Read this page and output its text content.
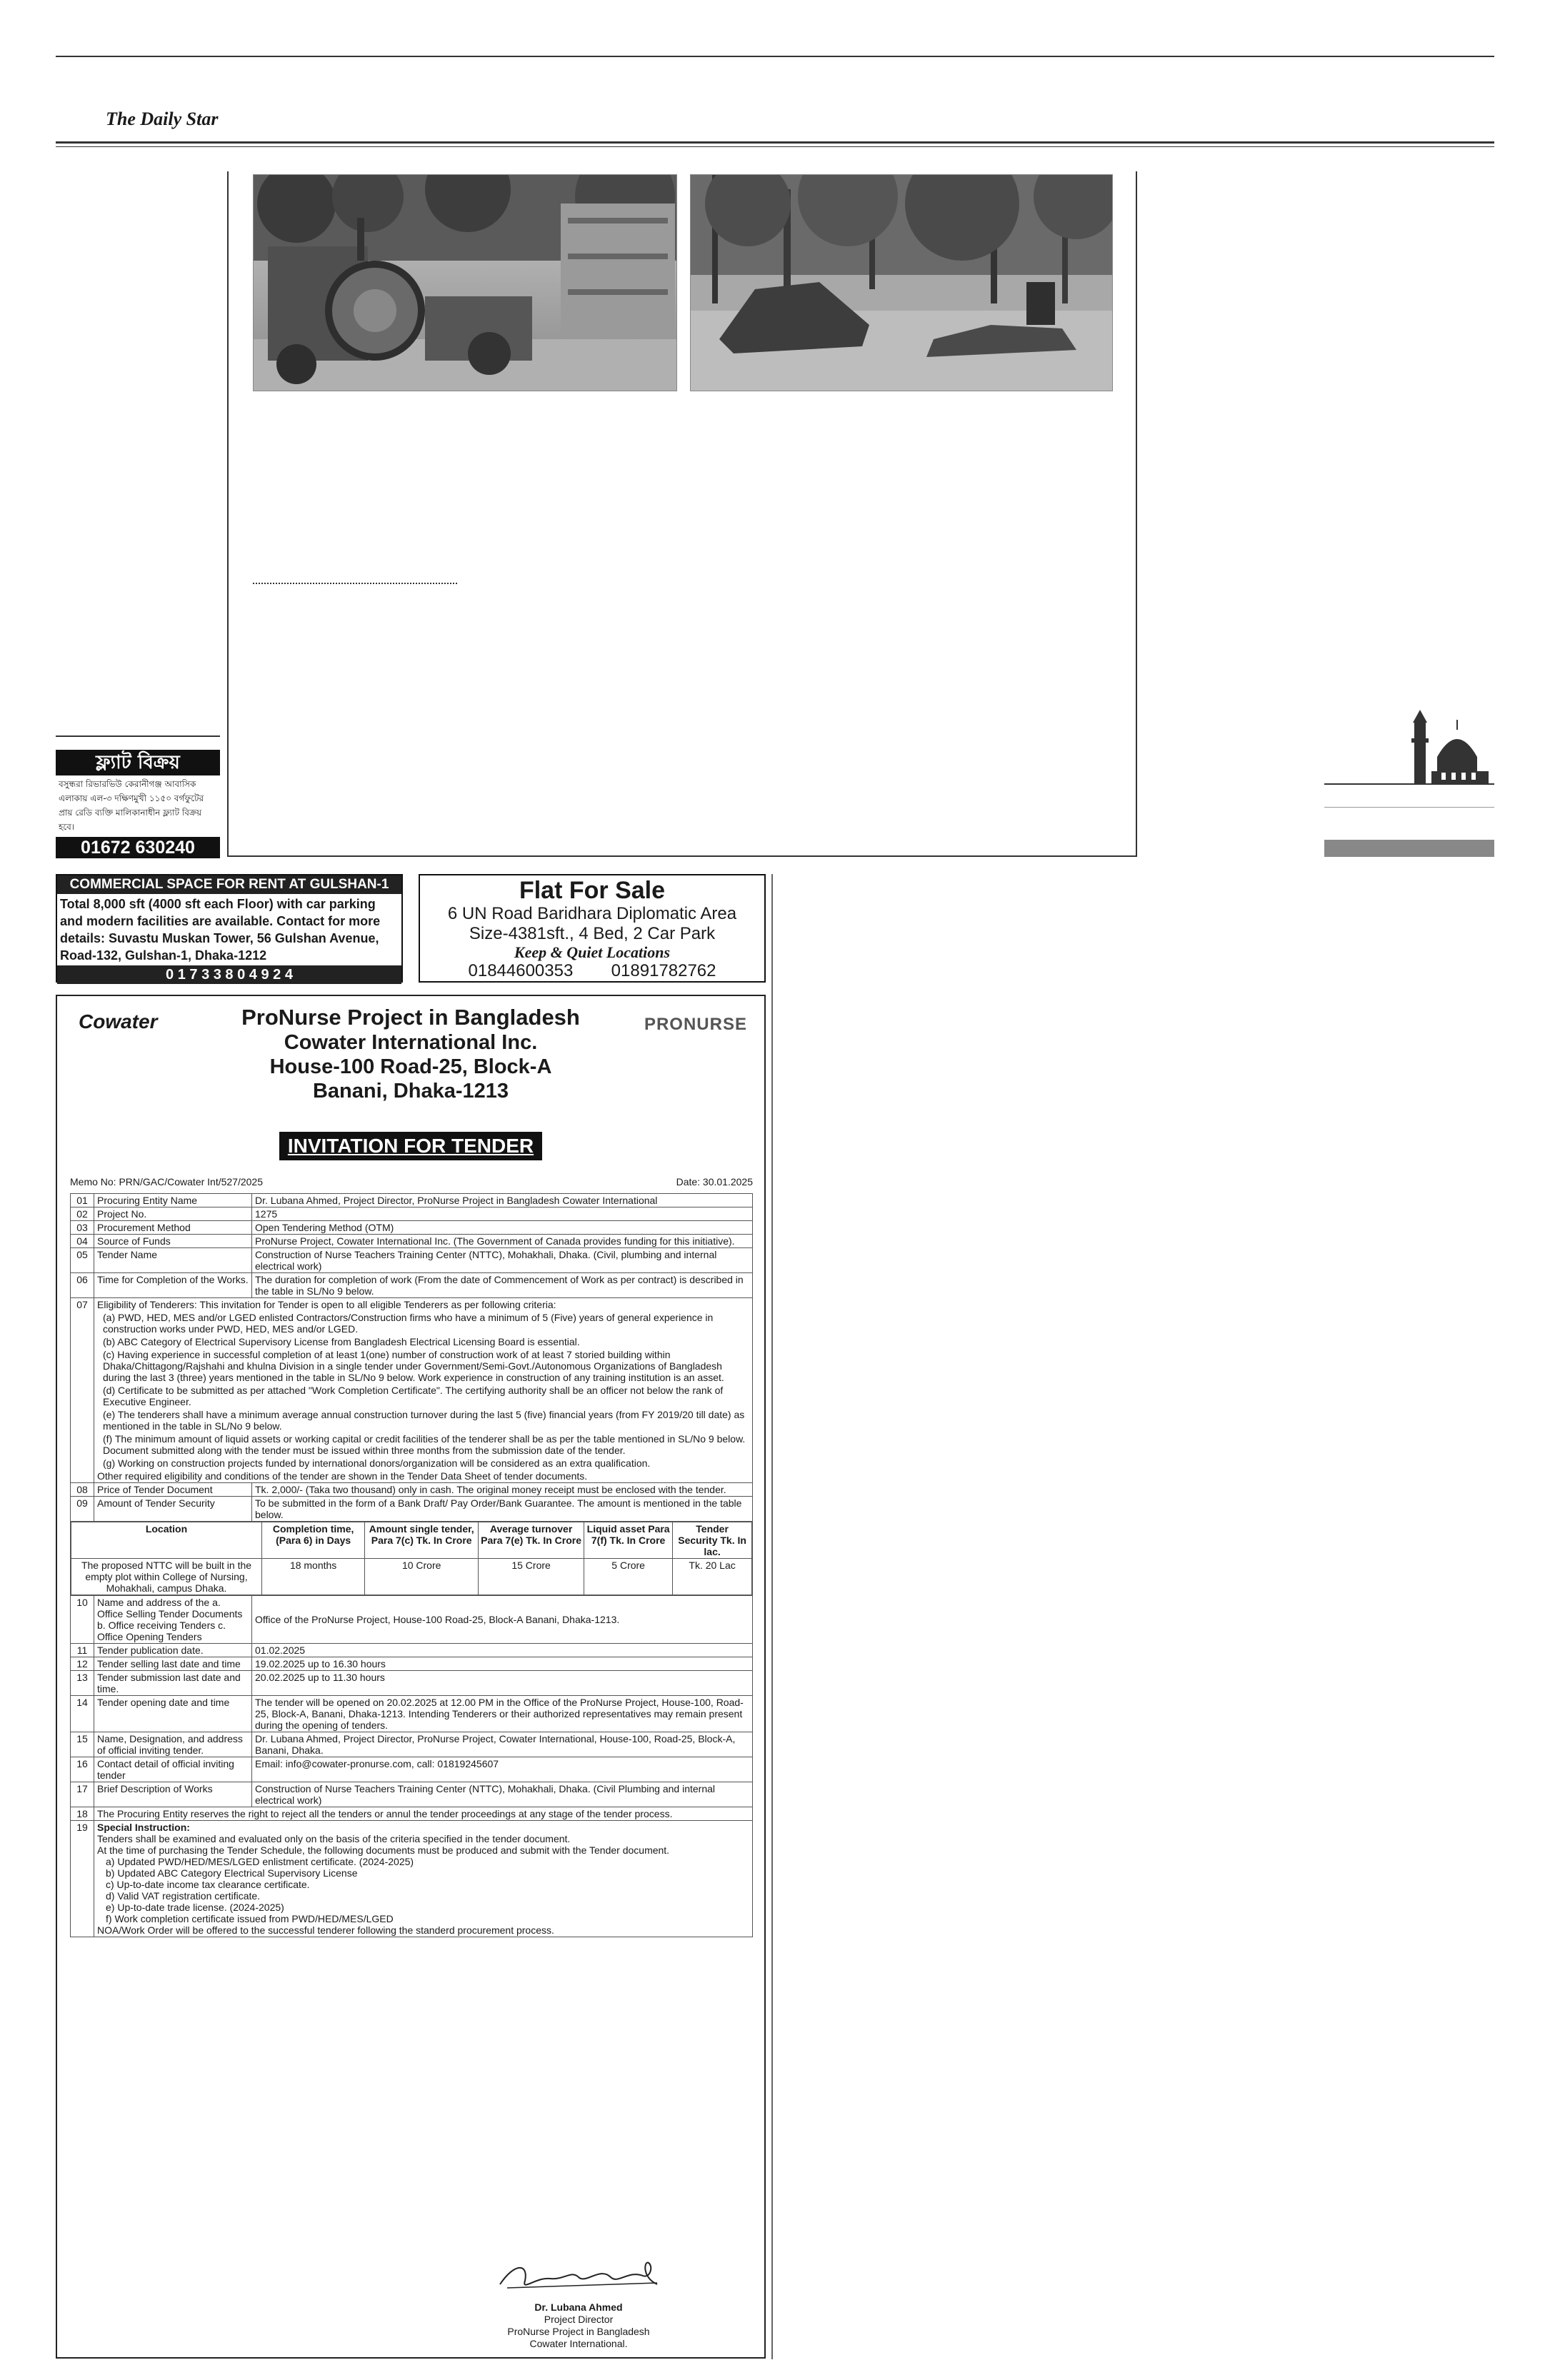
The Daily Star
ফ্ল্যাট বিক্রয়
বসুন্ধরা রিভারভিউ কেরানীগঞ্জ আবাসিক এলাকায় এল-৩ দক্ষিণমুখী ১১৫০ বর্গফুটের প্রায় রেডি ব্যক্তি মালিকানাধীন ফ্ল্যাট বিক্রয় হবে।
01672 630240
COMMERCIAL SPACE FOR RENT AT GULSHAN-1
Total 8,000 sft (4000 sft each Floor) with car parking and modern facilities are available. Contact for more details: Suvastu Muskan Tower, 56 Gulshan Avenue, Road-132, Gulshan-1, Dhaka-1212
0 1 7 3 3 8 0 4 9 2 4
Flat For Sale
6 UN Road Baridhara Diplomatic Area
Size-4381sft., 4 Bed, 2 Car Park
Keep & Quiet Locations
01844600353 01891782762
Cowater	PRONURSE
ProNurse Project in Bangladesh
Cowater International Inc.
House-100 Road-25, Block-A
Banani, Dhaka-1213
INVITATION FOR TENDER
Memo No: PRN/GAC/Cowater Int/527/2025	Date: 30.01.2025
01	Procuring Entity Name	Dr. Lubana Ahmed, Project Director, ProNurse Project in Bangladesh Cowater International
02	Project No.	1275
03	Procurement Method	Open Tendering Method (OTM)
04	Source of Funds	ProNurse Project, Cowater International Inc. (The Government of Canada provides funding for this initiative).
05	Tender Name	Construction of Nurse Teachers Training Center (NTTC), Mohakhali, Dhaka. (Civil, plumbing and internal electrical work)
06	Time for Completion of the Works.	The duration for completion of work (From the date of Commencement of Work as per contract) is described in the table in SL/No 9 below.
07	Eligibility of Tenderers: This invitation for Tender is open to all eligible Tenderers as per following criteria:
(a) PWD, HED, MES and/or LGED enlisted Contractors/Construction firms who have a minimum of 5 (Five) years of general experience in construction works under PWD, HED, MES and/or LGED.
(b) ABC Category of Electrical Supervisory License from Bangladesh Electrical Licensing Board is essential.
(c) Having experience in successful completion of at least 1(one) number of construction work of at least 7 storied building within Dhaka/Chittagong/Rajshahi and khulna Division in a single tender under Government/Semi-Govt./Autonomous Organizations of Bangladesh during the last 3 (three) years mentioned in the table in SL/No 9 below. Work experience in construction of any training institution is an asset.
(d) Certificate to be submitted as per attached "Work Completion Certificate". The certifying authority shall be an officer not below the rank of Executive Engineer.
(e) The tenderers shall have a minimum average annual construction turnover during the last 5 (five) financial years (from FY 2019/20 till date) as mentioned in the table in SL/No 9 below.
(f) The minimum amount of liquid assets or working capital or credit facilities of the tenderer shall be as per the table mentioned in SL/No 9 below. Document submitted along with the tender must be issued within three months from the submission date of the tender.
(g) Working on construction projects funded by international donors/organization will be considered as an extra qualification.
Other required eligibility and conditions of the tender are shown in the Tender Data Sheet of tender documents.

08	Price of Tender Document	Tk. 2,000/- (Taka two thousand) only in cash. The original money receipt must be enclosed with the tender.
09	Amount of Tender Security	To be submitted in the form of a Bank Draft/ Pay Order/Bank Guarantee. The amount is mentioned in the table below.

Location	Completion time, (Para 6) in Days	Amount single tender, Para 7(c) Tk. In Crore	Average turnover Para 7(e) Tk. In Crore	Liquid asset Para 7(f) Tk. In Crore	Tender Security Tk. In lac.
The proposed NTTC will be built in the empty plot within College of Nursing, Mohakhali, campus Dhaka.	18 months	10 Crore	15 Crore	5 Crore	Tk. 20 Lac

10	Name and address of the a. Office Selling Tender Documents b. Office receiving Tenders c. Office Opening Tenders	Office of the ProNurse Project, House-100 Road-25, Block-A Banani, Dhaka-1213.
11	Tender publication date.	01.02.2025
12	Tender selling last date and time	19.02.2025 up to 16.30 hours
13	Tender submission last date and time.	20.02.2025 up to 11.30 hours
14	Tender opening date and time	The tender will be opened on 20.02.2025 at 12.00 PM in the Office of the ProNurse Project, House-100, Road-25, Block-A, Banani, Dhaka-1213. Intending Tenderers or their authorized representatives may remain present during the opening of tenders.
15	Name, Designation, and address of official inviting tender.	Dr. Lubana Ahmed, Project Director, ProNurse Project, Cowater International, House-100, Road-25, Block-A, Banani, Dhaka.
16	Contact detail of official inviting tender	Email: info@cowater-pronurse.com, call: 01819245607
17	Brief Description of Works	Construction of Nurse Teachers Training Center (NTTC), Mohakhali, Dhaka. (Civil Plumbing and internal electrical work)
18	The Procuring Entity reserves the right to reject all the tenders or annul the tender proceedings at any stage of the tender process.
19	Special Instruction:
Tenders shall be examined and evaluated only on the basis of the criteria specified in the tender document.
At the time of purchasing the Tender Schedule, the following documents must be produced and submit with the Tender document.
a) Updated PWD/HED/MES/LGED enlistment certificate. (2024-2025)
b) Updated ABC Category Electrical Supervisory License
c) Up-to-date income tax clearance certificate.
d) Valid VAT registration certificate.
e) Up-to-date trade license. (2024-2025)
f) Work completion certificate issued from PWD/HED/MES/LGED
NOA/Work Order will be offered to the successful tenderer following the standerd procurement process.
Dr. Lubana Ahmed
Project Director
ProNurse Project in Bangladesh
Cowater International.
